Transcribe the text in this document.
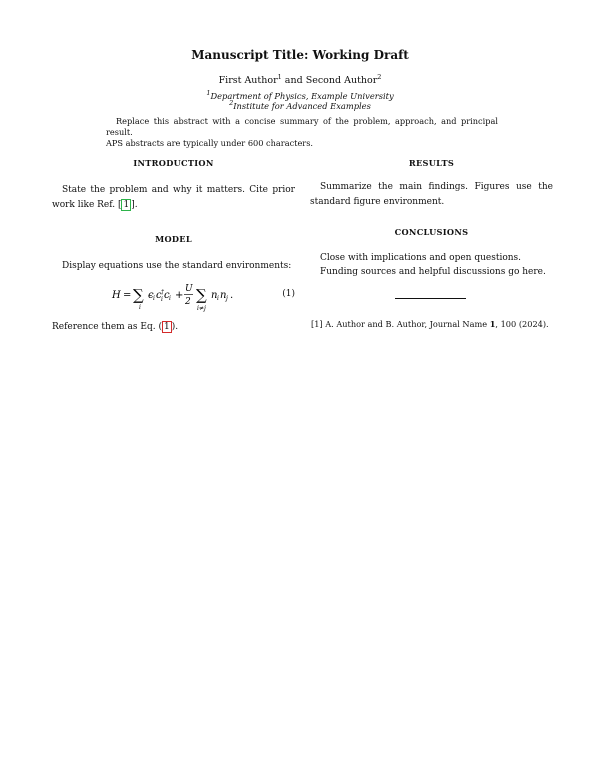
Manuscript Title: Working Draft
First Author$^1$ and Second Author$^2$
$^1$Department of Physics, Example University
$^2$Institute for Advanced Examples
Replace this abstract with a concise summary of the problem, approach, and principal result.
APS abstracts are typically under 600 characters.
INTRODUCTION
State the problem and why it matters. Cite prior work like Ref. [ 1 ].
MODEL
Display equations use the standard environments:
H = ∑
i
ϵ i c †
i c i +
U
2 ∑
i≠j
n i n j .	(1)
Reference them as Eq. ( 1 ).
RESULTS
Summarize the main findings. Figures use the standard figure environment.
CONCLUSIONS
Close with implications and open questions.
Funding sources and helpful discussions go here.
[1] A. Author and B. Author, Journal Name 1, 100 (2024).
